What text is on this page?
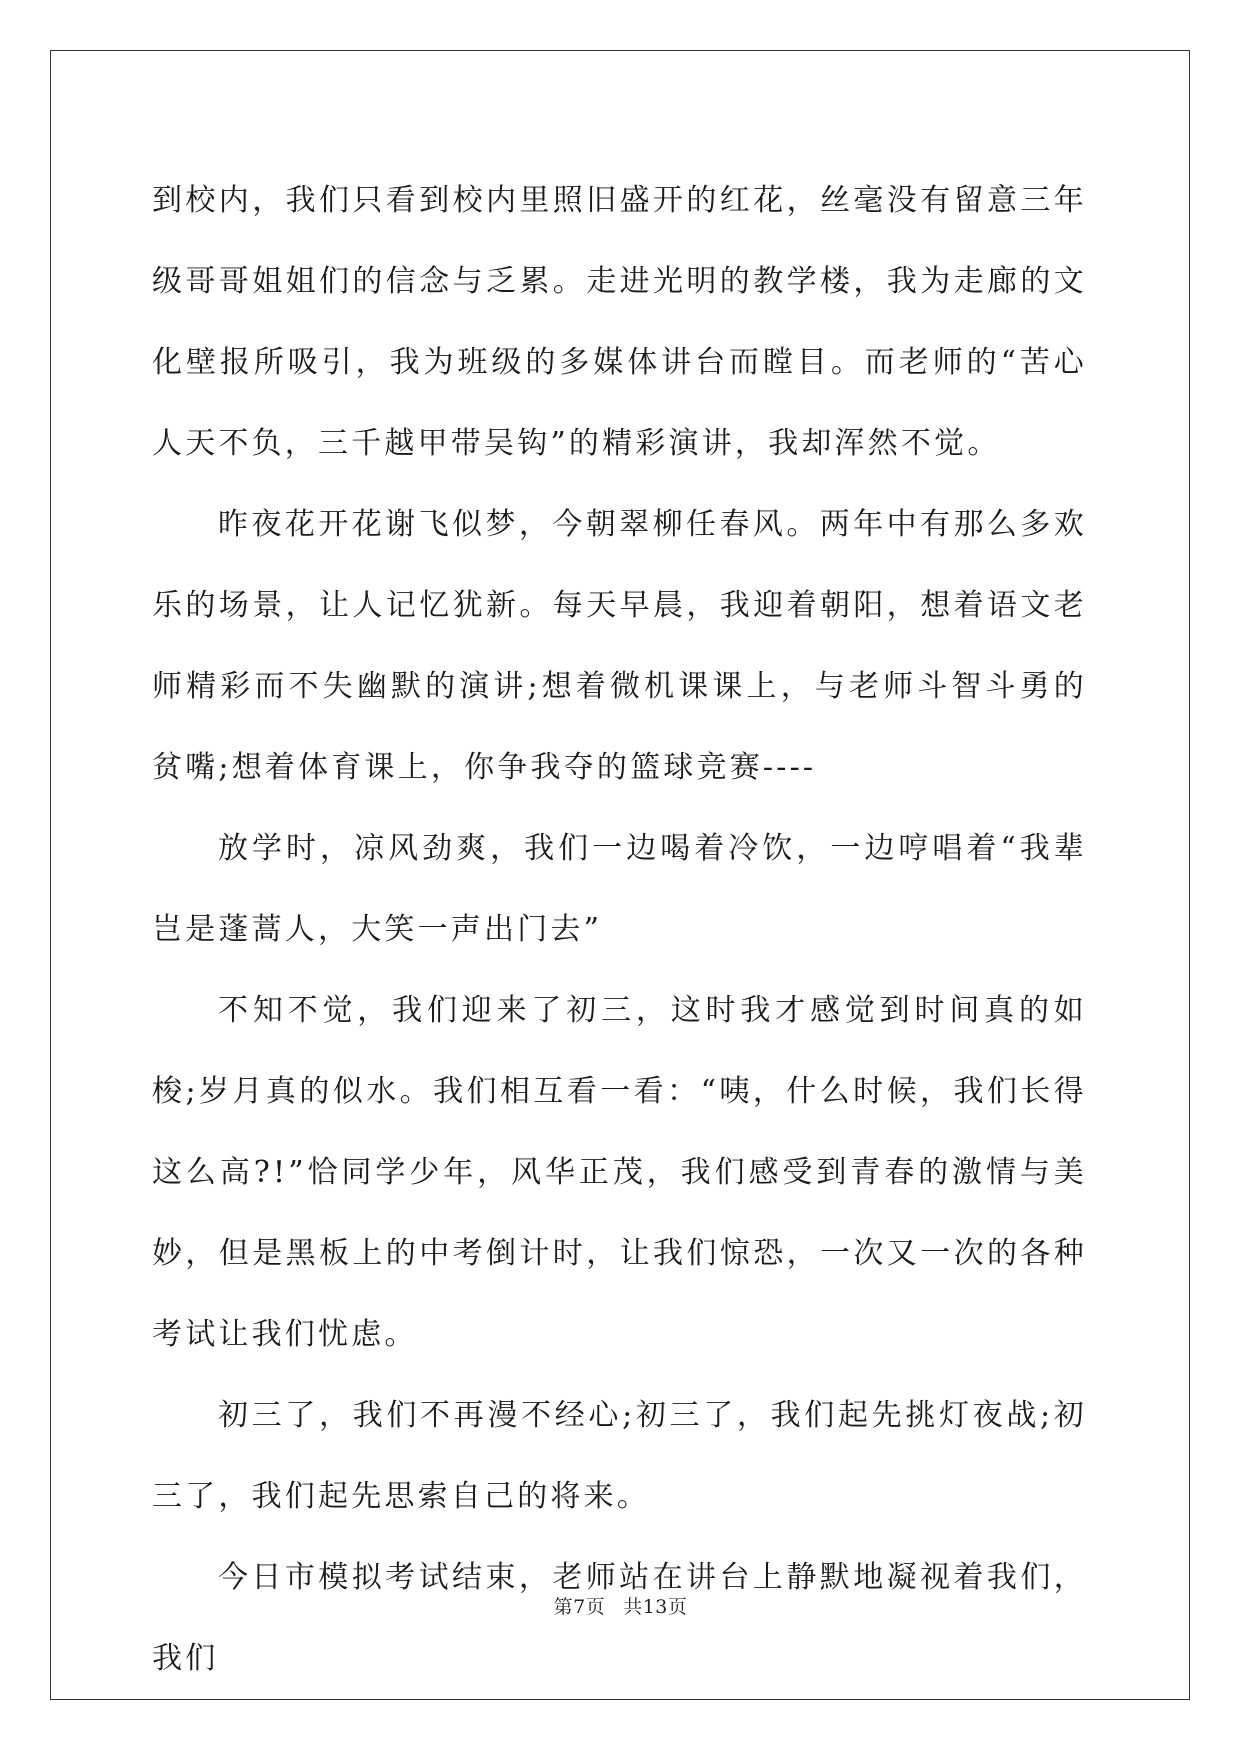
到校内，我们只看到校内里照旧盛开的红花，丝毫没有留意三年级哥哥姐姐们的信念与乏累。走进光明的教学楼，我为走廊的文化壁报所吸引，我为班级的多媒体讲台而瞠目。而老师的“苦心人天不负，三千越甲带吴钩”的精彩演讲，我却浑然不觉。

昨夜花开花谢飞似梦，今朝翠柳任春风。两年中有那么多欢乐的场景，让人记忆犹新。每天早晨，我迎着朝阳，想着语文老师精彩而不失幽默的演讲;想着微机课课上，与老师斗智斗勇的贫嘴;想着体育课上，你争我夺的篮球竞赛----

放学时，凉风劲爽，我们一边喝着冷饮，一边哼唱着“我辈岂是蓬蒿人，大笑一声出门去”

不知不觉，我们迎来了初三，这时我才感觉到时间真的如梭;岁月真的似水。我们相互看一看：“咦，什么时候，我们长得这么高?!”恰同学少年，风华正茂，我们感受到青春的激情与美妙，但是黑板上的中考倒计时，让我们惊恐，一次又一次的各种考试让我们忧虑。

初三了，我们不再漫不经心;初三了，我们起先挑灯夜战;初三了，我们起先思索自己的将来。

今日市模拟考试结束，老师站在讲台上静默地凝视着我们，我们

第7页 共13页
